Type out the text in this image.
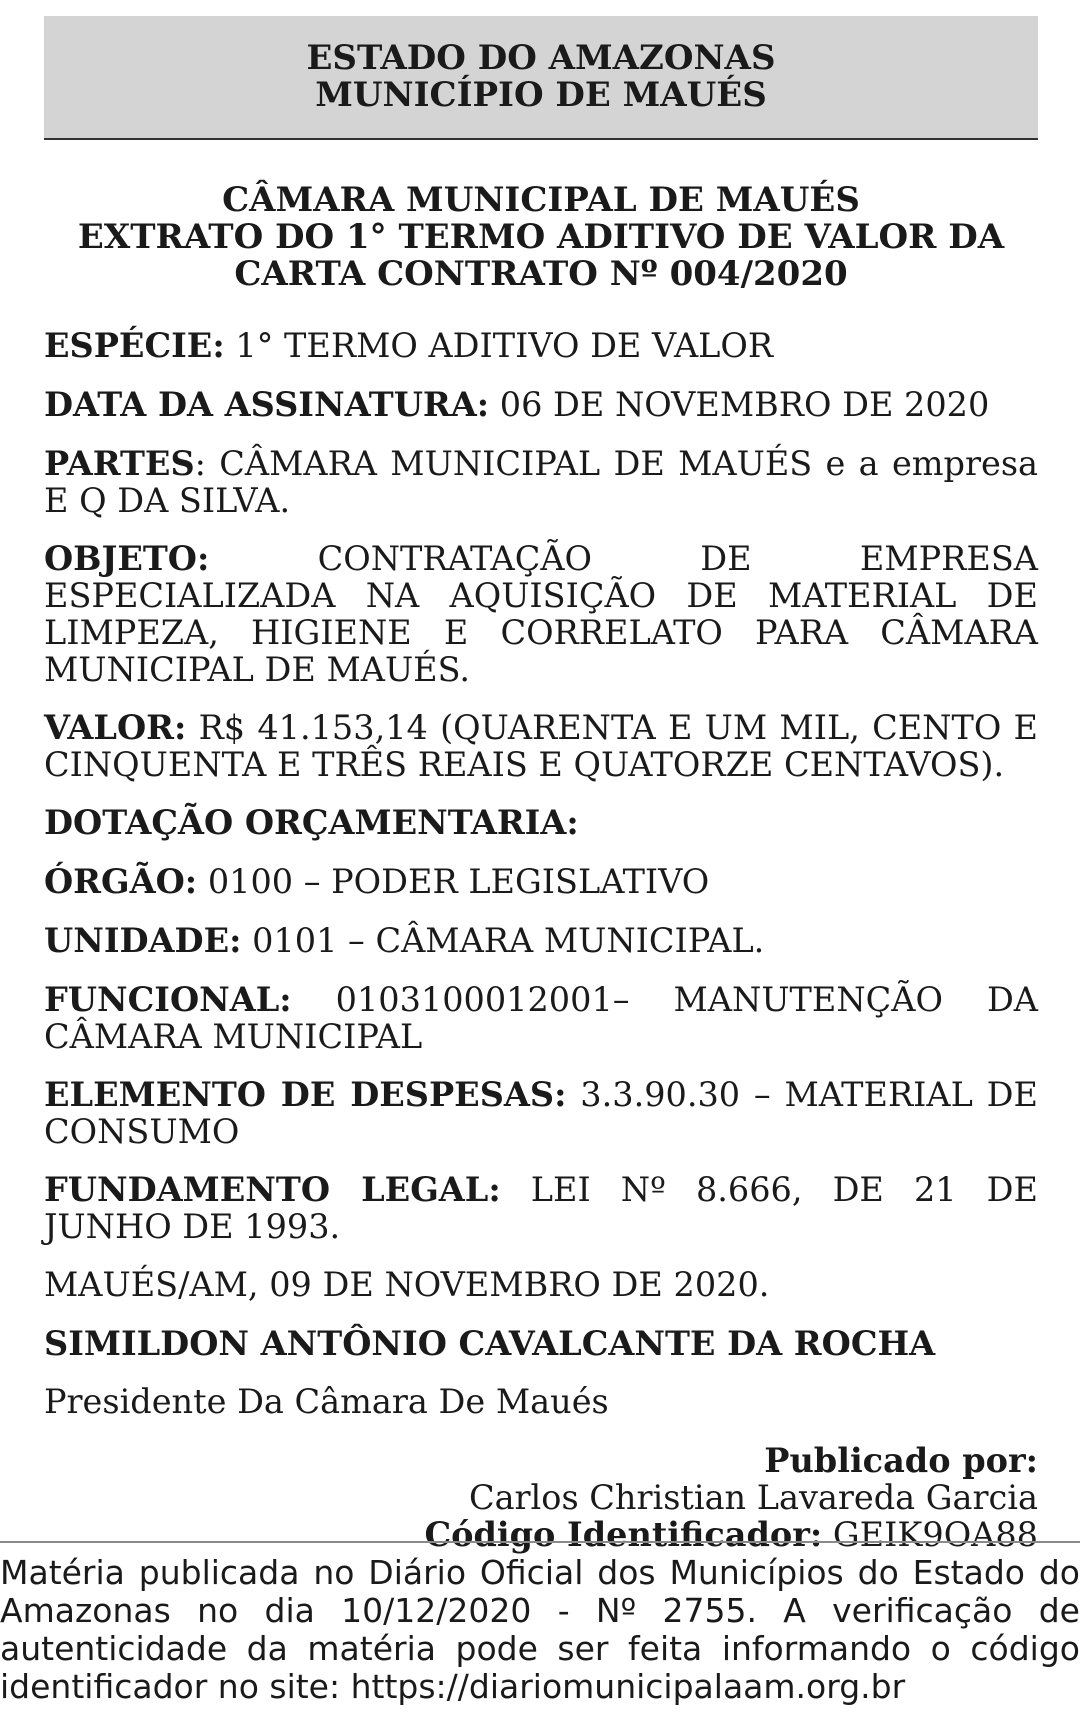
ESTADO DO AMAZONAS
MUNICÍPIO DE MAUÉS
CÂMARA MUNICIPAL DE MAUÉS
EXTRATO DO 1° TERMO ADITIVO DE VALOR DA
CARTA CONTRATO Nº 004/2020

ESPÉCIE: 1° TERMO ADITIVO DE VALOR

DATA DA ASSINATURA: 06 DE NOVEMBRO DE 2020

PARTES: CÂMARA MUNICIPAL DE MAUÉS e a empresa E Q DA SILVA.

OBJETO: CONTRATAÇÃO DE EMPRESA ESPECIALIZADA NA AQUISIÇÃO DE MATERIAL DE LIMPEZA, HIGIENE E CORRELATO PARA CÂMARA MUNICIPAL DE MAUÉS.

VALOR: R$ 41.153,14 (QUARENTA E UM MIL, CENTO E CINQUENTA E TRÊS REAIS E QUATORZE CENTAVOS).

DOTAÇÃO ORÇAMENTARIA:

ÓRGÃO: 0100 – PODER LEGISLATIVO

UNIDADE: 0101 – CÂMARA MUNICIPAL.

FUNCIONAL: 0103100012001– MANUTENÇÃO DA CÂMARA MUNICIPAL

ELEMENTO DE DESPESAS: 3.3.90.30 – MATERIAL DE CONSUMO

FUNDAMENTO LEGAL: LEI Nº 8.666, DE 21 DE JUNHO DE 1993.

MAUÉS/AM, 09 DE NOVEMBRO DE 2020.

SIMILDON ANTÔNIO CAVALCANTE DA ROCHA

Presidente Da Câmara De Maués

Publicado por:
Carlos Christian Lavareda Garcia
Código Identificador: GEIK9OA88
Matéria publicada no Diário Oficial dos Municípios do Estado do Amazonas no dia 10/12/2020 - Nº 2755. A verificação de autenticidade da matéria pode ser feita informando o código identificador no site: https://diariomunicipalaam.org.br
